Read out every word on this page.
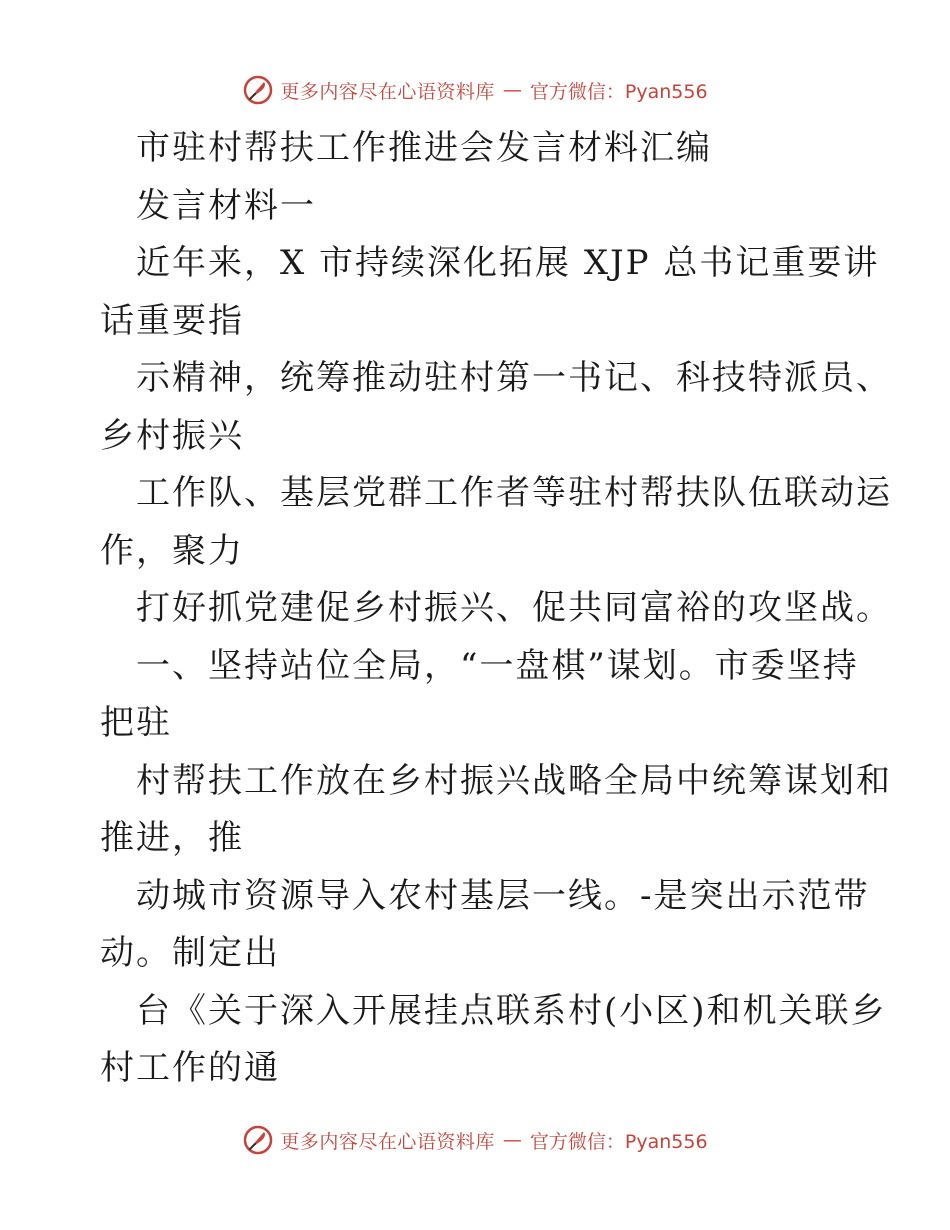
更多内容尽在心语资料库 — 官方微信：Pyan556
市驻村帮扶工作推进会发言材料汇编
发言材料一
近年来，X 市持续深化拓展 XJP 总书记重要讲
话重要指
示精神，统筹推动驻村第一书记、科技特派员、
乡村振兴
工作队、基层党群工作者等驻村帮扶队伍联动运
作，聚力
打好抓党建促乡村振兴、促共同富裕的攻坚战。
一、坚持站位全局，“一盘棋”谋划。市委坚持
把驻
村帮扶工作放在乡村振兴战略全局中统筹谋划和
推进，推
动城市资源导入农村基层一线。-是突出示范带
动。制定出
台《关于深入开展挂点联系村(小区)和机关联乡
村工作的通
更多内容尽在心语资料库 — 官方微信：Pyan556
